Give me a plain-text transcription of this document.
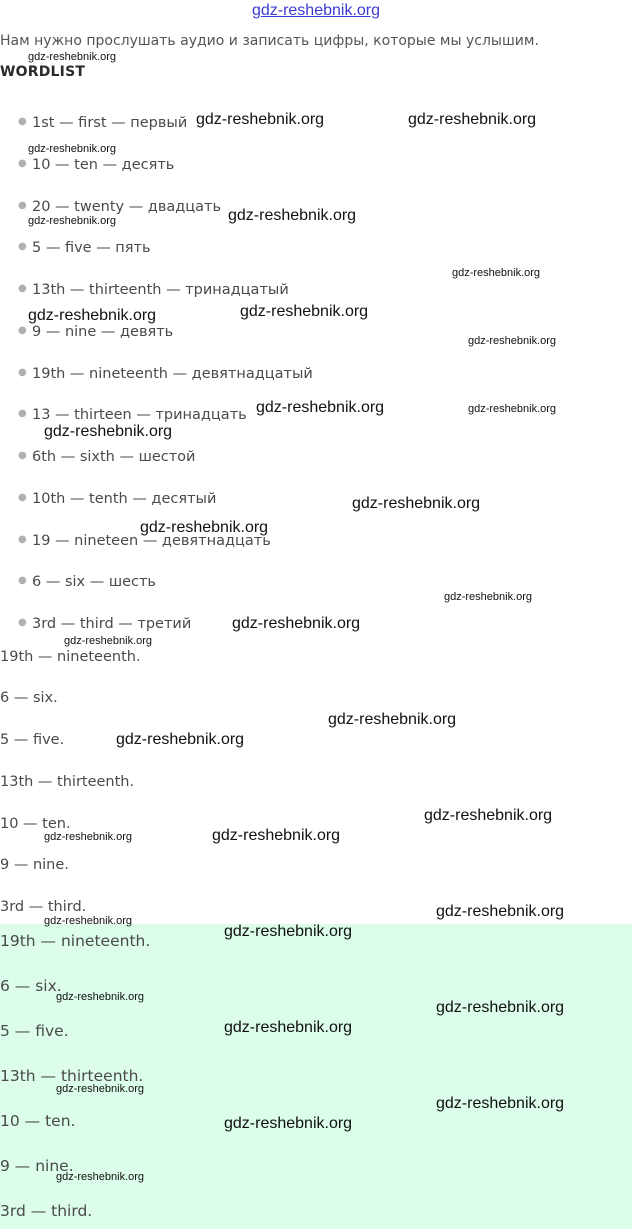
gdz-reshebnik.org
Нам нужно прослушать аудио и записать цифры, которые мы услышим.
WORDLIST
● 1st — first — первый
● 10 — ten — десять
● 20 — twenty — двадцать
● 5 — five — пять
● 13th — thirteenth — тринадцатый
● 9 — nine — девять
● 19th — nineteenth — девятнадцатый
● 13 — thirteen — тринадцать
● 6th — sixth — шестой
● 10th — tenth — десятый
● 19 — nineteen — девятнадцать
● 6 — six — шесть
● 3rd — third — третий
19th — nineteenth.
6 — six.
5 — five.
13th — thirteenth.
10 — ten.
9 — nine.
3rd — third.
19th — nineteenth.
6 — six.
5 — five.
13th — thirteenth.
10 — ten.
9 — nine.
3rd — third.
gdz-reshebnik.org
gdz-reshebnik.org	gdz-reshebnik.org
gdz-reshebnik.org
gdz-reshebnik.org
gdz-reshebnik.org
gdz-reshebnik.org
gdz-reshebnik.org
gdz-reshebnik.org
gdz-reshebnik.org
gdz-reshebnik.org	gdz-reshebnik.org
gdz-reshebnik.org
gdz-reshebnik.org
gdz-reshebnik.org
gdz-reshebnik.org
gdz-reshebnik.org
gdz-reshebnik.org
gdz-reshebnik.org
gdz-reshebnik.org
gdz-reshebnik.org
gdz-reshebnik.org
gdz-reshebnik.org
gdz-reshebnik.org
gdz-reshebnik.org
gdz-reshebnik.org
gdz-reshebnik.org
gdz-reshebnik.org
gdz-reshebnik.org
gdz-reshebnik.org
gdz-reshebnik.org
gdz-reshebnik.org
gdz-reshebnik.org
